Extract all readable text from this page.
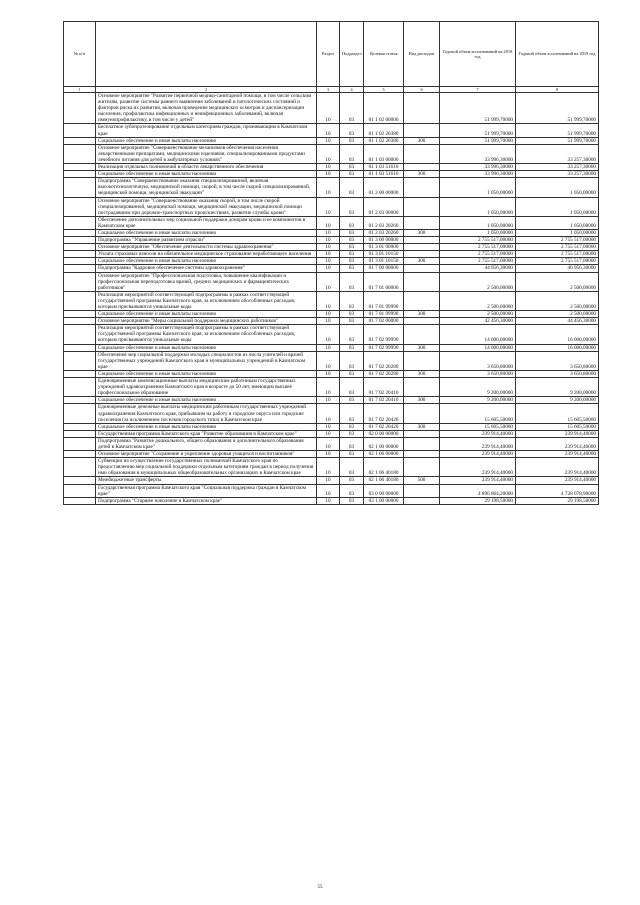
№ п/п		Раздел	Подраздел	Целевая статья	Вид расходов	Годовой объем ассигнований на 2018 год	Годовой объем ассигнований на 2019 год
1	2	3	4	5	6	7	8
	Основное мероприятие "Развитие первичной медико-санитарной помощи, в том числе сельским жителям, развитие системы раннего выявления заболеваний и патологических состояний и факторов риска их развития, включая проведение медицинских осмотров и диспансеризации населения, профилактика инфекционных и неинфекционных заболеваний, включая иммунопрофилактику, в том числе у детей"	10	03	01 1 02 00000		51 999,70000	51 999,70000
	Бесплатное зубопротезирование отдельным категориям граждан, проживающим в Камчатском крае	10	03	01 1 02 20380		51 999,70000	51 999,70000
	Социальное обеспечение и иные выплаты населению	10	03	01 1 02 20380	300	51 999,70000	51 999,70000
	Основное мероприятие "Совершенствование механизмов обеспечения населения лекарственными препаратами, медицинскими изделиями, специализированными продуктами лечебного питания для детей в амбулаторных условиях"	10	03	01 1 03 00000		33 996,30000	33 257,30000
	Реализация отдельных полномочий в области лекарственного обеспечения	10	03	01 1 03 51610		33 996,30000	33 257,30000
	Социальное обеспечение и иные выплаты населению	10	03	01 1 03 51610	300	33 996,30000	33 257,30000
	Подпрограмма "Совершенствование оказания специализированной, включая высокотехнологичную, медицинской помощи, скорой, в том числе скорой специализированной, медицинской помощи, медицинской эвакуации"	10	03	01 2 00 00000		1 050,00000	1 050,00000
	Основное мероприятие "Совершенствование оказания скорой, в том числе скорой специализированной, медицинской помощи, медицинской эвакуации, медицинской помощи пострадавшим при дорожно-транспортных происшествиях, развитие службы крови"	10	03	01 2 03 00000		1 050,00000	1 050,00000
	Обеспечение дополнительных мер социальной поддержки донорам крови и ее компонентов в Камчатском крае	10	03	01 2 03 20260		1 050,00000	1 050,00000
	Социальное обеспечение и иные выплаты населению	10	03	01 2 03 20260	300	1 050,00000	1 050,00000
	Подпрограмма "Управление развитием отрасли"	10	03	01 3 00 00000		2 755 517,00000	2 755 517,00000
	Основное мероприятие "Обеспечение деятельности системы здравоохранения"	10	03	01 3 01 00000		2 755 517,00000	2 755 517,00000
	Уплата страховых взносов на обязательное медицинское страхование неработающего населения	10	03	01 3 01 10150		2 755 517,00000	2 755 517,00000
	Социальное обеспечение и иные выплаты населению	10	03	01 3 01 10150	300	2 755 517,00000	2 755 517,00000
	Подпрограмма "Кадровое обеспечение системы здравоохранения"	10	03	01 7 00 00000		44 956,30000	46 956,30000
	Основное мероприятие "Профессиональная подготовка, повышение квалификации и профессиональная переподготовка врачей, средних медицинских и фармацевтических работников"	10	03	01 7 01 00000		2 500,00000	2 500,00000
	Реализация мероприятий соответствующей подпрограммы в рамках соответствующей государственной программы Камчатского края, за исключением обособленных расходов, которым присваиваются уникальные коды	10	03	01 7 01 99990		2 500,00000	2 500,00000
	Социальное обеспечение и иные выплаты населению	10	03	01 7 01 99990	300	2 500,00000	2 500,00000
	Основное мероприятие "Меры социальной поддержки медицинских работников"	10	03	01 7 02 00000		42 456,30000	44 456,30000
	Реализация мероприятий соответствующей подпрограммы в рамках соответствующей государственной программы Камчатского края, за исключением обособленных расходов, которым присваиваются уникальные коды	10	03	01 7 02 99990		14 000,00000	16 000,00000
	Социальное обеспечение и иные выплаты населению	10	03	01 7 02 99990	300	14 000,00000	16 000,00000
	Обеспечение мер социальной поддержки молодых специалистов из числа учителей и врачей государственных учреждений Камчатского края и муниципальных учреждений в Камчатском крае	10	03	01 7 02 20280		3 650,80000	3 650,80000
	Социальное обеспечение и иные выплаты населению	10	03	01 7 02 20280	300	3 650,80000	3 650,80000
	Единовременные компенсационные выплаты медицинским работникам государственных учреждений здравоохранения Камчатского края в возрасте до 50 лет, имеющим высшее профессиональное образование	10	03	01 7 02 20410		9 200,00000	9 200,00000
	Социальное обеспечение и иные выплаты населению	10	03	01 7 02 20410	300	9 200,00000	9 200,00000
	Единовременные денежные выплаты медицинским работникам государственных учреждений здравоохранения Камчатского края, прибывшим на работу в городские округа или городские поселения (за исключением поселков городского типа) в Камчатском крае	10	03	01 7 02 20420		15 605,50000	15 605,50000
	Социальное обеспечение и иные выплаты населению	10	03	01 7 02 20420	300	15 605,50000	15 605,50000
	Государственная программа Камчатского края "Развитие образования в Камчатском крае"	10	03	02 0 00 00000		239 914,40000	239 914,40000
	Подпрограмма "Развитие дошкольного, общего образования и дополнительного образования детей в Камчатском крае"	10	03	02 1 00 00000		239 914,40000	239 914,40000
	Основное мероприятие "Сохранение и укрепление здоровья учащихся и воспитанников"	10	03	02 1 06 00000		239 914,40000	239 914,40000
	Субвенции на осуществление государственных полномочий Камчатского края по предоставлению мер социальной поддержки отдельным категориям граждан в период получения ими образования в муниципальных общеобразовательных организациях в Камчатском крае	10	03	02 1 06 40180		239 914,40000	239 914,40000
	Межбюджетные трансферты	10	03	02 1 06 40180	500	239 914,40000	239 914,40000
	Государственная программа Камчатского края "Социальная поддержка граждан в Камчатском крае"	10	03	03 0 00 00000		4 896 864,20000	4 728 078,90000
	Подпрограмма "Старшее поколение в Камчатском крае"	10	03	03 1 00 00000		29 198,50000	29 198,50000
55
